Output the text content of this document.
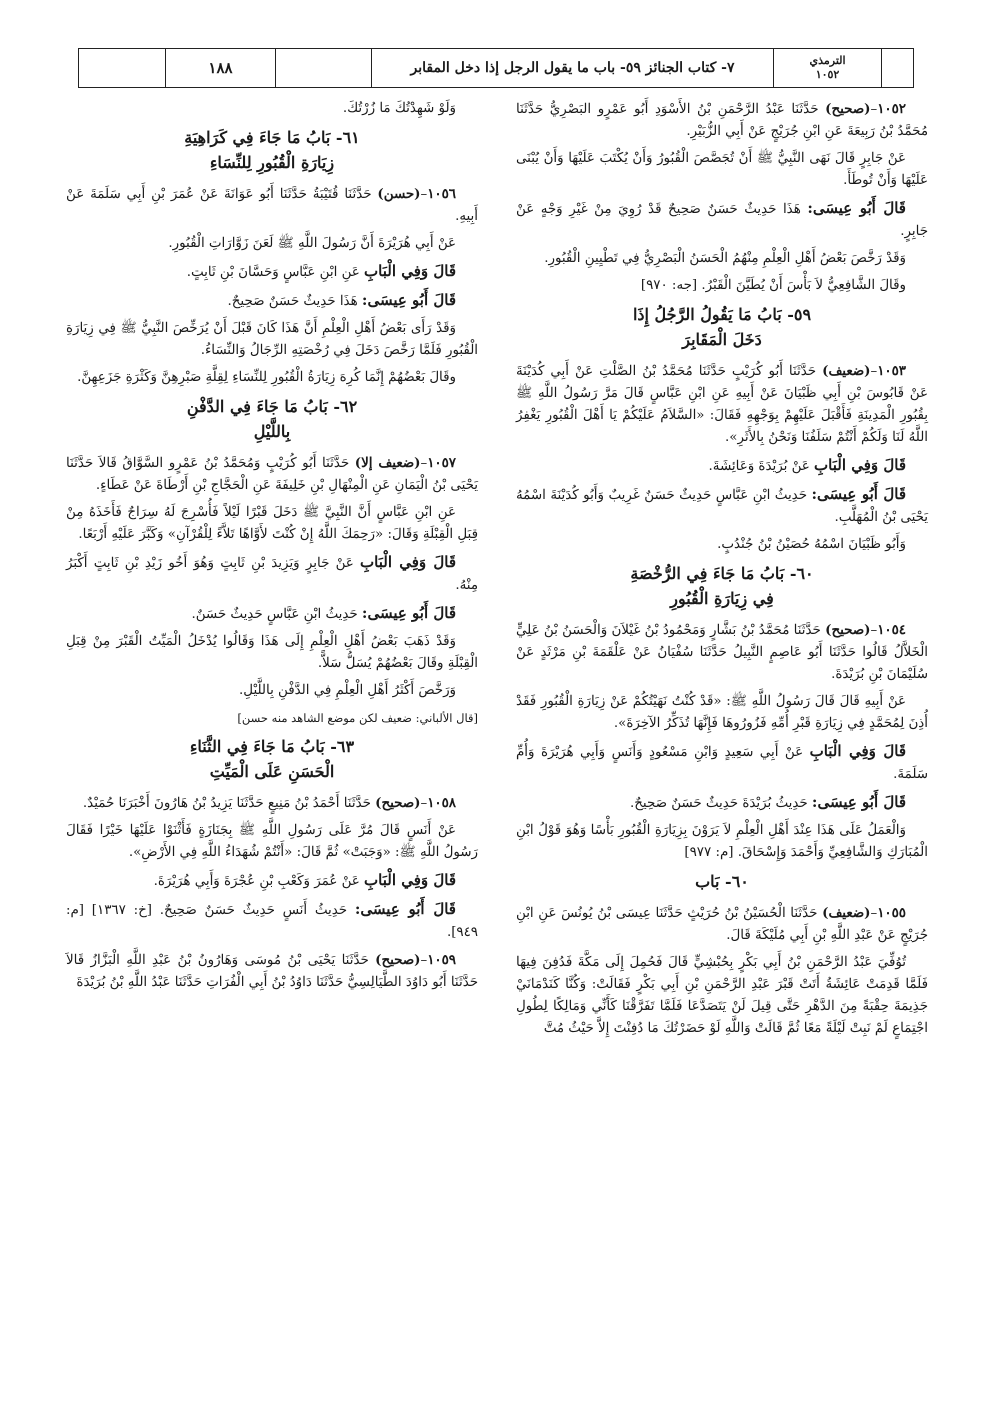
الترمذي
١٠٥٢
٧- كتاب الجنائز ٥٩- باب ما يقول الرجل إذا دخل المقابر
١٨٨

١٠٥٢–(صحيح) حَدَّثَنَا عَبْدُ الرَّحْمَنِ بْنُ الأَسْوَدِ أَبُو عَمْرٍو البَصْرِيُّ حَدَّثَنَا مُحَمَّدُ بْنُ رَبِيعَةَ عَنِ ابْنِ جُرَيْجٍ عَنْ أَبِي الزُّبَيْرِ.

عَنْ جَابِرٍ قَالَ نَهَى النَّبِيُّ ﷺ أَنْ تُجَصَّصَ الْقُبُورُ وَأَنْ يُكْتَبَ عَلَيْهَا وَأَنْ يُبْنَى عَلَيْهَا وَأَنْ تُوطَأَ.

قَالَ أَبُو عِيسَى: هَذَا حَدِيثٌ حَسَنٌ صَحِيحٌ قَدْ رُوِيَ مِنْ غَيْرِ وَجْهٍ عَنْ جَابِرٍ.

وَقَدْ رَخَّصَ بَعْضُ أَهْلِ الْعِلْمِ مِنْهُمُ الْحَسَنُ الْبَصْرِيُّ فِي تَطْيِينِ الْقُبُورِ.

وقَالَ الشَّافِعِيُّ لاَ بَأْسَ أَنْ يُطَيَّنَ الْقَبْرُ. [جه: ٩٧٠]

٥٩- بَابُ مَا يَقُولُ الرَّجُلُ إِذَا
دَخَلَ الْمَقَابِرَ

١٠٥٣–(ضعيف) حَدَّثَنَا أَبُو كُرَيْبٍ حَدَّثَنَا مُحَمَّدُ بْنُ الصَّلْتِ عَنْ أَبِي كُدَيْنَةَ عَنْ قَابُوسَ بْنِ أَبِي ظَبْيَانَ عَنْ أَبِيهِ عَنِ ابْنِ عَبَّاسٍ قَالَ مَرَّ رَسُولُ اللَّهِ ﷺ بِقُبُورِ الْمَدِينَةِ فَأَقْبَلَ عَلَيْهِمْ بِوَجْهِهِ فَقَالَ: «السَّلاَمُ عَلَيْكُمْ يَا أَهْلَ الْقُبُورِ يَغْفِرُ اللَّهُ لَنَا وَلَكُمْ أَنْتُمْ سَلَفُنَا وَنَحْنُ بِالأَثَرِ».

قَالَ وَفِي الْبَابِ عَنْ بُرَيْدَةَ وَعَائِشَةَ.

قَالَ أَبُو عِيسَى: حَدِيثُ ابْنِ عَبَّاسٍ حَدِيثٌ حَسَنٌ غَرِيبٌ وَأَبُو كُدَيْنَةَ اسْمُهُ يَحْيَى بْنُ الْمُهَلَّبِ.

وَأَبُو ظَبْيَانَ اسْمُهُ حُصَيْنُ بْنُ جُنْدُبٍ.

٦٠- بَابُ مَا جَاءَ فِي الرُّخْصَةِ
فِي زِيَارَةِ الْقُبُورِ

١٠٥٤–(صحيح) حَدَّثَنَا مُحَمَّدُ بْنُ بَشَّارٍ وَمَحْمُودُ بْنُ غَيْلاَنَ وَالْحَسَنُ بْنُ عَلِيٍّ الْخَلاَّلُ قَالُوا حَدَّثَنَا أَبُو عَاصِمٍ النَّبِيلُ حَدَّثَنَا سُفْيَانُ عَنْ عَلْقَمَةَ بْنِ مَرْثَدٍ عَنْ سُلَيْمَانَ بْنِ بُرَيْدَةَ.

عَنْ أَبِيهِ قَالَ قَالَ رَسُولُ اللَّهِ ﷺ: «قَدْ كُنْتُ نَهَيْتُكُمْ عَنْ زِيَارَةِ الْقُبُورِ فَقَدْ أُذِنَ لِمُحَمَّدٍ فِي زِيَارَةِ قَبْرِ أُمِّهِ فَزُورُوهَا فَإِنَّهَا تُذَكِّرُ الآخِرَةَ».

قَالَ وَفِي الْبَابِ عَنْ أَبِي سَعِيدٍ وَابْنِ مَسْعُودٍ وَأَنَسٍ وَأَبِي هُرَيْرَةَ وَأُمِّ سَلَمَةَ.

قَالَ أَبُو عِيسَى: حَدِيثُ بُرَيْدَةَ حَدِيثٌ حَسَنٌ صَحِيحٌ.

وَالْعَمَلُ عَلَى هَذَا عِنْدَ أَهْلِ الْعِلْمِ لاَ يَرَوْنَ بِزِيَارَةِ الْقُبُورِ بَأْسًا وَهُوَ قَوْلُ ابْنِ الْمُبَارَكِ وَالشَّافِعِيِّ وَأَحْمَدَ وَإِسْحَاقَ. [م: ٩٧٧]

٦٠- بَاب

١٠٥٥–(ضعيف) حَدَّثَنَا الْحُسَيْنُ بْنُ حُرَيْثٍ حَدَّثَنَا عِيسَى بْنُ يُونُسَ عَنِ ابْنِ جُرَيْجٍ عَنْ عَبْدِ اللَّهِ بْنِ أَبِي مُلَيْكَةَ قَالَ.

تُوُفِّيَ عَبْدُ الرَّحْمَنِ بْنُ أَبِي بَكْرٍ بِحُبْشِيٍّ قَالَ فَحُمِلَ إِلَى مَكَّةَ فَدُفِنَ فِيهَا فَلَمَّا قَدِمَتْ عَائِشَةُ أَتَتْ قَبْرَ عَبْدِ الرَّحْمَنِ بْنِ أَبِي بَكْرٍ فَقَالَتْ: وَكُنَّا كَنَدْمَانَيْ جَذِيمَةَ حِقْبَةً مِنَ الدَّهْرِ حَتَّى قِيلَ لَنْ يَتَصَدَّعَا فَلَمَّا تَفَرَّقْنَا كَأَنِّي وَمَالِكًا لِطُولِ اجْتِمَاعٍ لَمْ نَبِتْ لَيْلَةً مَعًا ثُمَّ قَالَتْ وَاللَّهِ لَوْ حَضَرْتُكَ مَا دُفِنْتَ إِلاَّ حَيْثُ مُتَّ

وَلَوْ شَهِدْتُكَ مَا زُرْتُكَ.

٦١- بَابُ مَا جَاءَ فِي كَرَاهِيَةِ
زِيَارَةِ الْقُبُورِ لِلنِّسَاءِ

١٠٥٦–(حسن) حَدَّثَنَا قُتَيْبَةُ حَدَّثَنَا أَبُو عَوَانَةَ عَنْ عُمَرَ بْنِ أَبِي سَلَمَةَ عَنْ أَبِيهِ.

عَنْ أَبِي هُرَيْرَةَ أَنَّ رَسُولَ اللَّهِ ﷺ لَعَنَ زَوَّارَاتِ الْقُبُورِ.

قَالَ وَفِي الْبَابِ عَنِ ابْنِ عَبَّاسٍ وَحَسَّانَ بْنِ ثَابِتٍ.

قَالَ أَبُو عِيسَى: هَذَا حَدِيثٌ حَسَنٌ صَحِيحٌ.

وَقَدْ رَأَى بَعْضُ أَهْلِ الْعِلْمِ أَنَّ هَذَا كَانَ قَبْلَ أَنْ يُرَخِّصَ النَّبِيُّ ﷺ فِي زِيَارَةِ الْقُبُورِ فَلَمَّا رَخَّصَ دَخَلَ فِي رُخْصَتِهِ الرِّجَالُ وَالنِّسَاءُ.

وقَالَ بَعْضُهُمْ إِنَّمَا كُرِهَ زِيَارَةُ الْقُبُورِ لِلنِّسَاءِ لِقِلَّةِ صَبْرِهِنَّ وَكَثْرَةِ جَزَعِهِنَّ.

٦٢- بَابُ مَا جَاءَ فِي الدَّفْنِ
بِاللَّيْلِ

١٠٥٧–(ضعيف إلا) حَدَّثَنَا أَبُو كُرَيْبٍ وَمُحَمَّدُ بْنُ عَمْرٍو السَّوَّاقُ قَالاَ حَدَّثَنَا يَحْيَى بْنُ الْيَمَانِ عَنِ الْمِنْهَالِ بْنِ خَلِيفَةَ عَنِ الْحَجَّاجِ بْنِ أَرْطَاةَ عَنْ عَطَاءٍ.

عَنِ ابْنِ عَبَّاسٍ أَنَّ النَّبِيَّ ﷺ دَخَلَ قَبْرًا لَيْلاً فَأُسْرِجَ لَهُ سِرَاجٌ فَأَخَذَهُ مِنْ قِبَلِ الْقِبْلَةِ وَقَالَ: «رَحِمَكَ اللَّهُ إِنْ كُنْتَ لأَوَّاهًا تَلاَّءً لِلْقُرْآنِ» وَكَبَّرَ عَلَيْهِ أَرْبَعًا.

قَالَ وَفِي الْبَابِ عَنْ جَابِرٍ وَيَزِيدَ بْنِ ثَابِتٍ وَهُوَ أَخُو زَيْدِ بْنِ ثَابِتٍ أَكْبَرُ مِنْهُ.

قَالَ أَبُو عِيسَى: حَدِيثُ ابْنِ عَبَّاسٍ حَدِيثٌ حَسَنٌ.

وَقَدْ ذَهَبَ بَعْضُ أَهْلِ الْعِلْمِ إِلَى هَذَا وَقَالُوا يُدْخَلُ الْمَيِّتُ الْقَبْرَ مِنْ قِبَلِ الْقِبْلَةِ وقَالَ بَعْضُهُمْ يُسَلُّ سَلاًّ.

وَرَخَّصَ أَكْثَرُ أَهْلِ الْعِلْمِ فِي الدَّفْنِ بِاللَّيْلِ.

[قال الألباني: ضعيف لكن موضع الشاهد منه حسن]

٦٣- بَابُ مَا جَاءَ فِي الثَّنَاءِ
الْحَسَنِ عَلَى الْمَيِّتِ

١٠٥٨–(صحيح) حَدَّثَنَا أَحْمَدُ بْنُ مَنِيعٍ حَدَّثَنَا يَزِيدُ بْنُ هَارُونَ أَخْبَرَنَا حُمَيْدٌ.

عَنْ أَنَسٍ قَالَ مُرَّ عَلَى رَسُولِ اللَّهِ ﷺ بِجَنَازَةٍ فَأَثْنَوْا عَلَيْهَا خَيْرًا فَقَالَ رَسُولُ اللَّهِ ﷺ: «وَجَبَتْ» ثُمَّ قَالَ: «أَنْتُمْ شُهَدَاءُ اللَّهِ فِي الأَرْضِ».

قَالَ وَفِي الْبَابِ عَنْ عُمَرَ وَكَعْبِ بْنِ عُجْرَةَ وَأَبِي هُرَيْرَةَ.

قَالَ أَبُو عِيسَى: حَدِيثُ أَنَسٍ حَدِيثٌ حَسَنٌ صَحِيحٌ. [خ: ١٣٦٧] [م: ٩٤٩].

١٠٥٩–(صحيح) حَدَّثَنَا يَحْيَى بْنُ مُوسَى وَهَارُونُ بْنُ عَبْدِ اللَّهِ الْبَزَّازُ قَالاَ حَدَّثَنَا أَبُو دَاوُدَ الطَّيَالِسِيُّ حَدَّثَنَا دَاوُدُ بْنُ أَبِي الْفُرَاتِ حَدَّثَنَا عَبْدُ اللَّهِ بْنُ بُرَيْدَةَ
